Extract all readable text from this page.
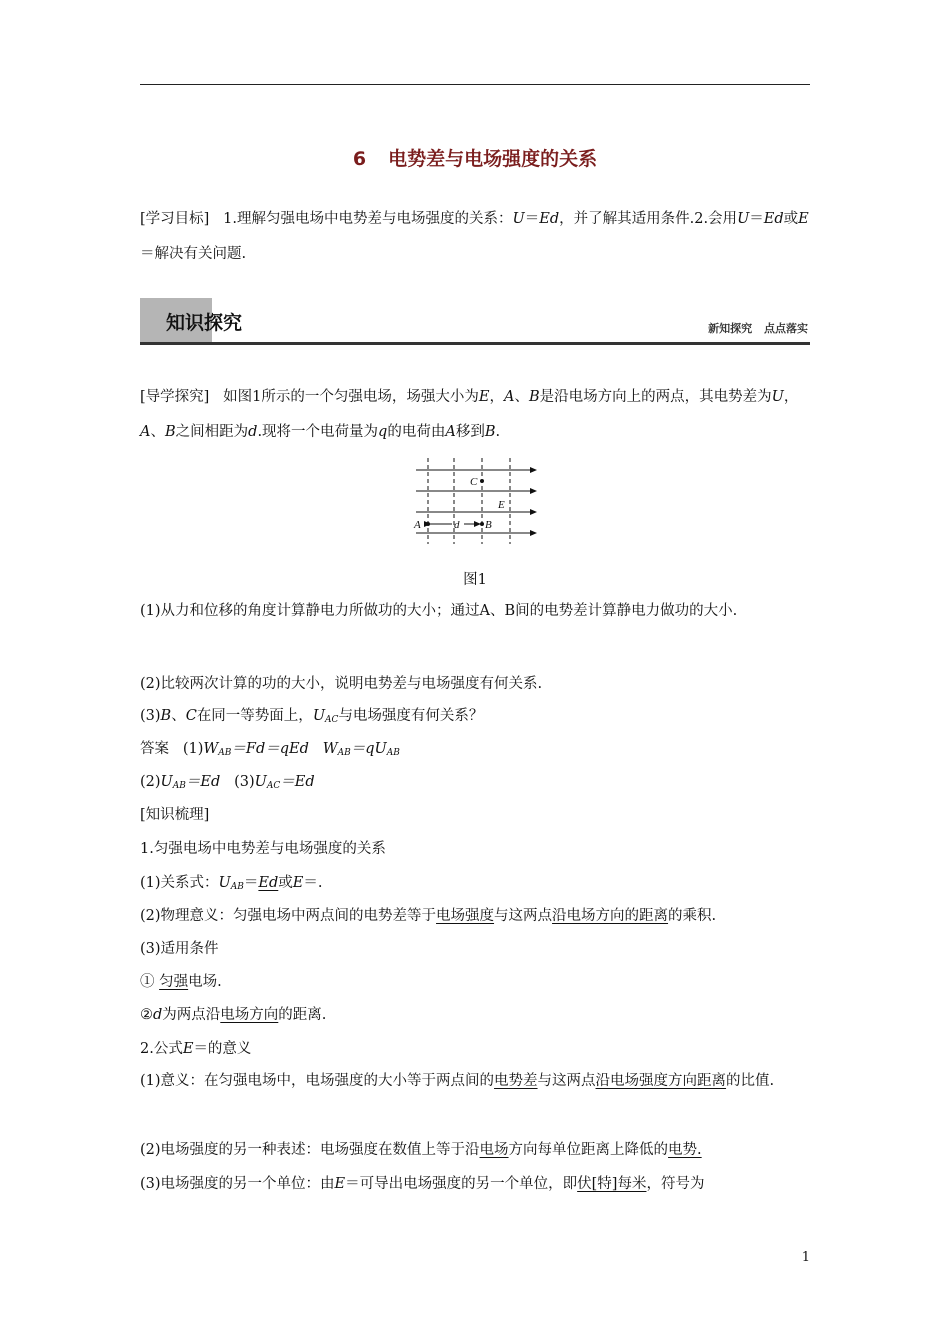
6 电势差与电场强度的关系
[学习目标] 1.理解匀强电场中电势差与电场强度的关系：U＝Ed，并了解其适用条件.2.会用U＝Ed或E＝解决有关问题.
知识探究	新知探究 点点落实
[导学探究] 如图1所示的一个匀强电场，场强大小为E，A、B是沿电场方向上的两点，其电势差为U，A、B之间相距为d.现将一个电荷量为q的电荷由A移到B.
C
E
A	d B
图1
(1)从力和位移的角度计算静电力所做功的大小；通过A、B间的电势差计算静电力做功的大小.
(2)比较两次计算的功的大小，说明电势差与电场强度有何关系.
(3)B、C在同一等势面上，$U_{AC}$与电场强度有何关系？
答案 $(1)W_{AB}=Fd=qEd$ $W_{AB}=qU_{AB}$
$(2)U_{AB}=Ed$ $(3)U_{AC}=Ed$
[知识梳理]
1.匀强电场中电势差与电场强度的关系
(1)关系式：$U_{AB}=Ed$或E＝.
(2)物理意义：匀强电场中两点间的电势差等于电场强度与这两点沿电场方向的距离的乘积.
(3)适用条件
① 匀强电场.
②d为两点沿电场方向的距离.
2.公式E＝的意义
(1)意义：在匀强电场中，电场强度的大小等于两点间的电势差与这两点沿电场强度方向距离的比值.
(2)电场强度的另一种表述：电场强度在数值上等于沿电场方向每单位距离上降低的电势.
(3)电场强度的另一个单位：由E＝可导出电场强度的另一个单位，即伏[特]每米，符号为
1
